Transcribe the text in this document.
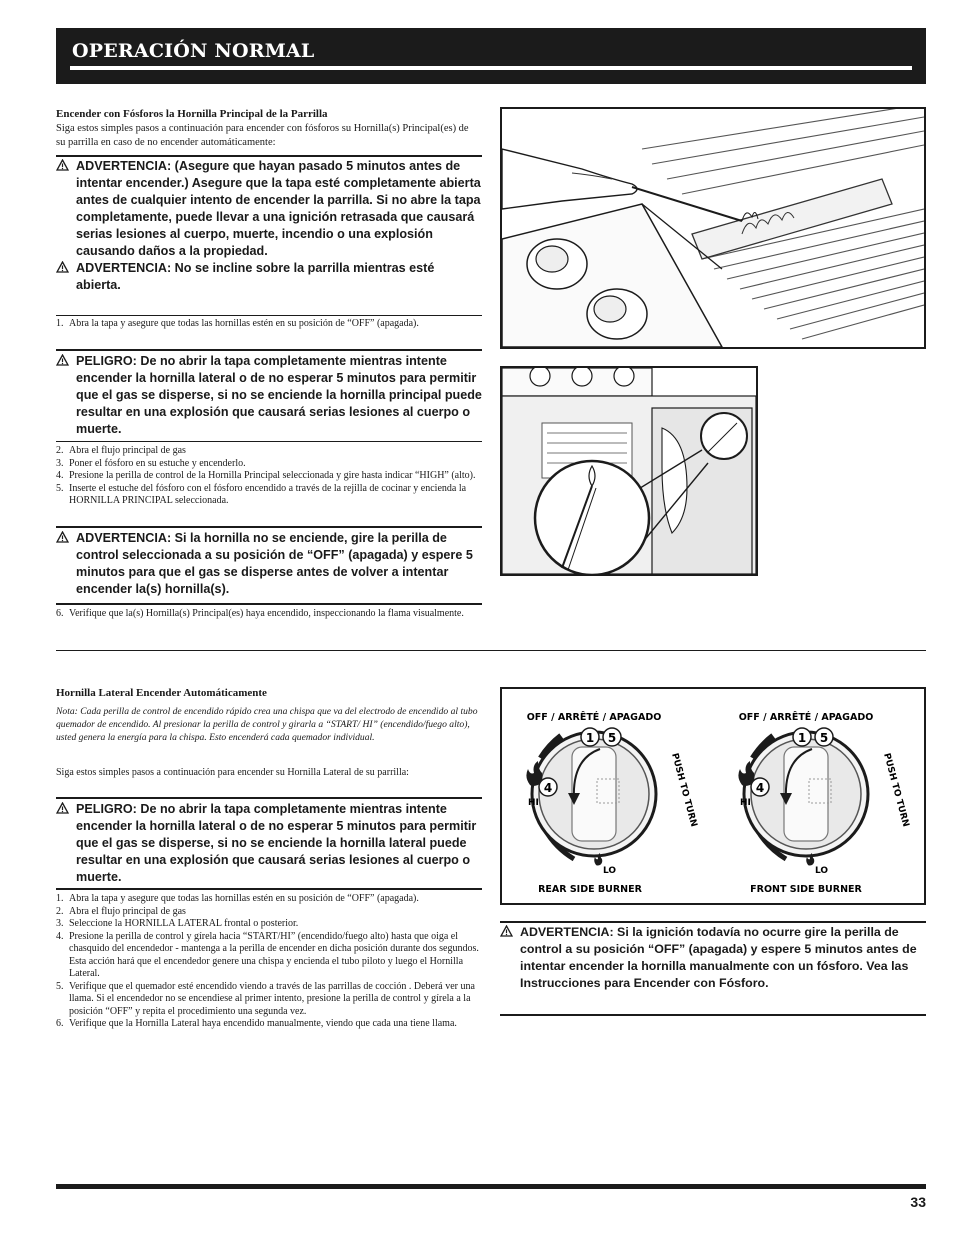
OPERACIÓN NORMAL
Encender con Fósforos la Hornilla Principal de la Parrilla
Siga estos simples pasos a continuación para encender con fósforos su Hornilla(s) Principal(es) de su parrilla en caso de no encender automáticamente:

ADVERTENCIA: (Asegure que hayan pasado 5 minutos antes de intentar encender.) Asegure que la tapa esté completamente abierta antes de cualquier intento de encender la parrilla. Si no abre la tapa completamente, puede llevar a una ignición retrasada que causará serias lesiones al cuerpo, muerte, incendio o una explosión causando daños a la propiedad.

ADVERTENCIA: No se incline sobre la parrilla mientras esté abierta.

1. Abra la tapa y asegure que todas las hornillas estén en su posición de “OFF” (apagada).

PELIGRO: De no abrir la tapa completamente mientras intente encender la hornilla lateral o de no esperar 5 minutos para permitir que el gas se disperse, si no se enciende la hornilla principal puede resultar en una explosión que causará serias lesiones al cuerpo o muerte.

2. Abra el flujo principal de gas
3. Poner el fósforo en su estuche y encenderlo.
4. Presione la perilla de control de la Hornilla Principal seleccionada y gire hasta indicar “HIGH” (alto).
5. Inserte el estuche del fósforo con el fósforo encendido a través de la rejilla de cocinar y encienda la HORNILLA PRINCIPAL seleccionada.

ADVERTENCIA: Si la hornilla no se enciende, gire la perilla de control seleccionada a su posición de “OFF” (apagada) y espere 5 minutos para que el gas se disperse antes de volver a intentar encender la(s) hornilla(s).

6. Verifique que la(s) Hornilla(s) Principal(es) haya encendido, inspeccionando la flama visualmente.
Hornilla Lateral Encender Automáticamente
Nota: Cada perilla de control de encendido rápido crea una chispa que va del electrodo de encendido al tubo quemador de encendido. Al presionar la perilla de control y girarla a “START/ HI” (encendido/fuego alto), usted genera la energía para la chispa. Esto encenderá cada quemador individual.
Siga estos simples pasos a continuación para encender su Hornilla Lateral de su parrilla:

PELIGRO: De no abrir la tapa completamente mientras intente encender la hornilla lateral o de no esperar 5 minutos para permitir que el gas se disperse, si no se enciende la hornilla lateral puede resultar en una explosión que causará serias lesiones al cuerpo o muerte.

1. Abra la tapa y asegure que todas las hornillas estén en su posición de “OFF” (apagada).
2. Abra el flujo principal de gas
3. Seleccione la HORNILLA LATERAL frontal o posterior.
4. Presione la perilla de control y gírela hacia “START/HI” (encendido/fuego alto) hasta que oiga el chasquido del encendedor - mantenga a la perilla de encender en dicha posición durante dos segundos. Esta acción hará que el encendedor genere una chispa y encienda el tubo piloto y luego el Hornilla Lateral.
5. Verifique que el quemador esté encendido viendo a través de las parrillas de cocción . Deberá ver una llama. Si el encendedor no se encendiese al primer intento, presione la perilla de control y gírela a la posición “OFF” y repita el procedimiento una segunda vez.
6. Verifique que la Hornilla Lateral haya encendido manualmente, viendo que cada una tiene llama.
OFF / ARRÊTÉ / APAGADO
1 5
4
HI
LO
PUSH TO TURN
REAR SIDE BURNER
OFF / ARRÊTÉ / APAGADO
1 5
4
HI
LO
PUSH TO TURN
FRONT SIDE BURNER

ADVERTENCIA: Si la ignición todavía no ocurre gire la perilla de control a su posición “OFF” (apagada) y espere 5 minutos antes de intentar encender la hornilla manualmente con un fósforo. Vea las Instrucciones para Encender con Fósforo.

33
